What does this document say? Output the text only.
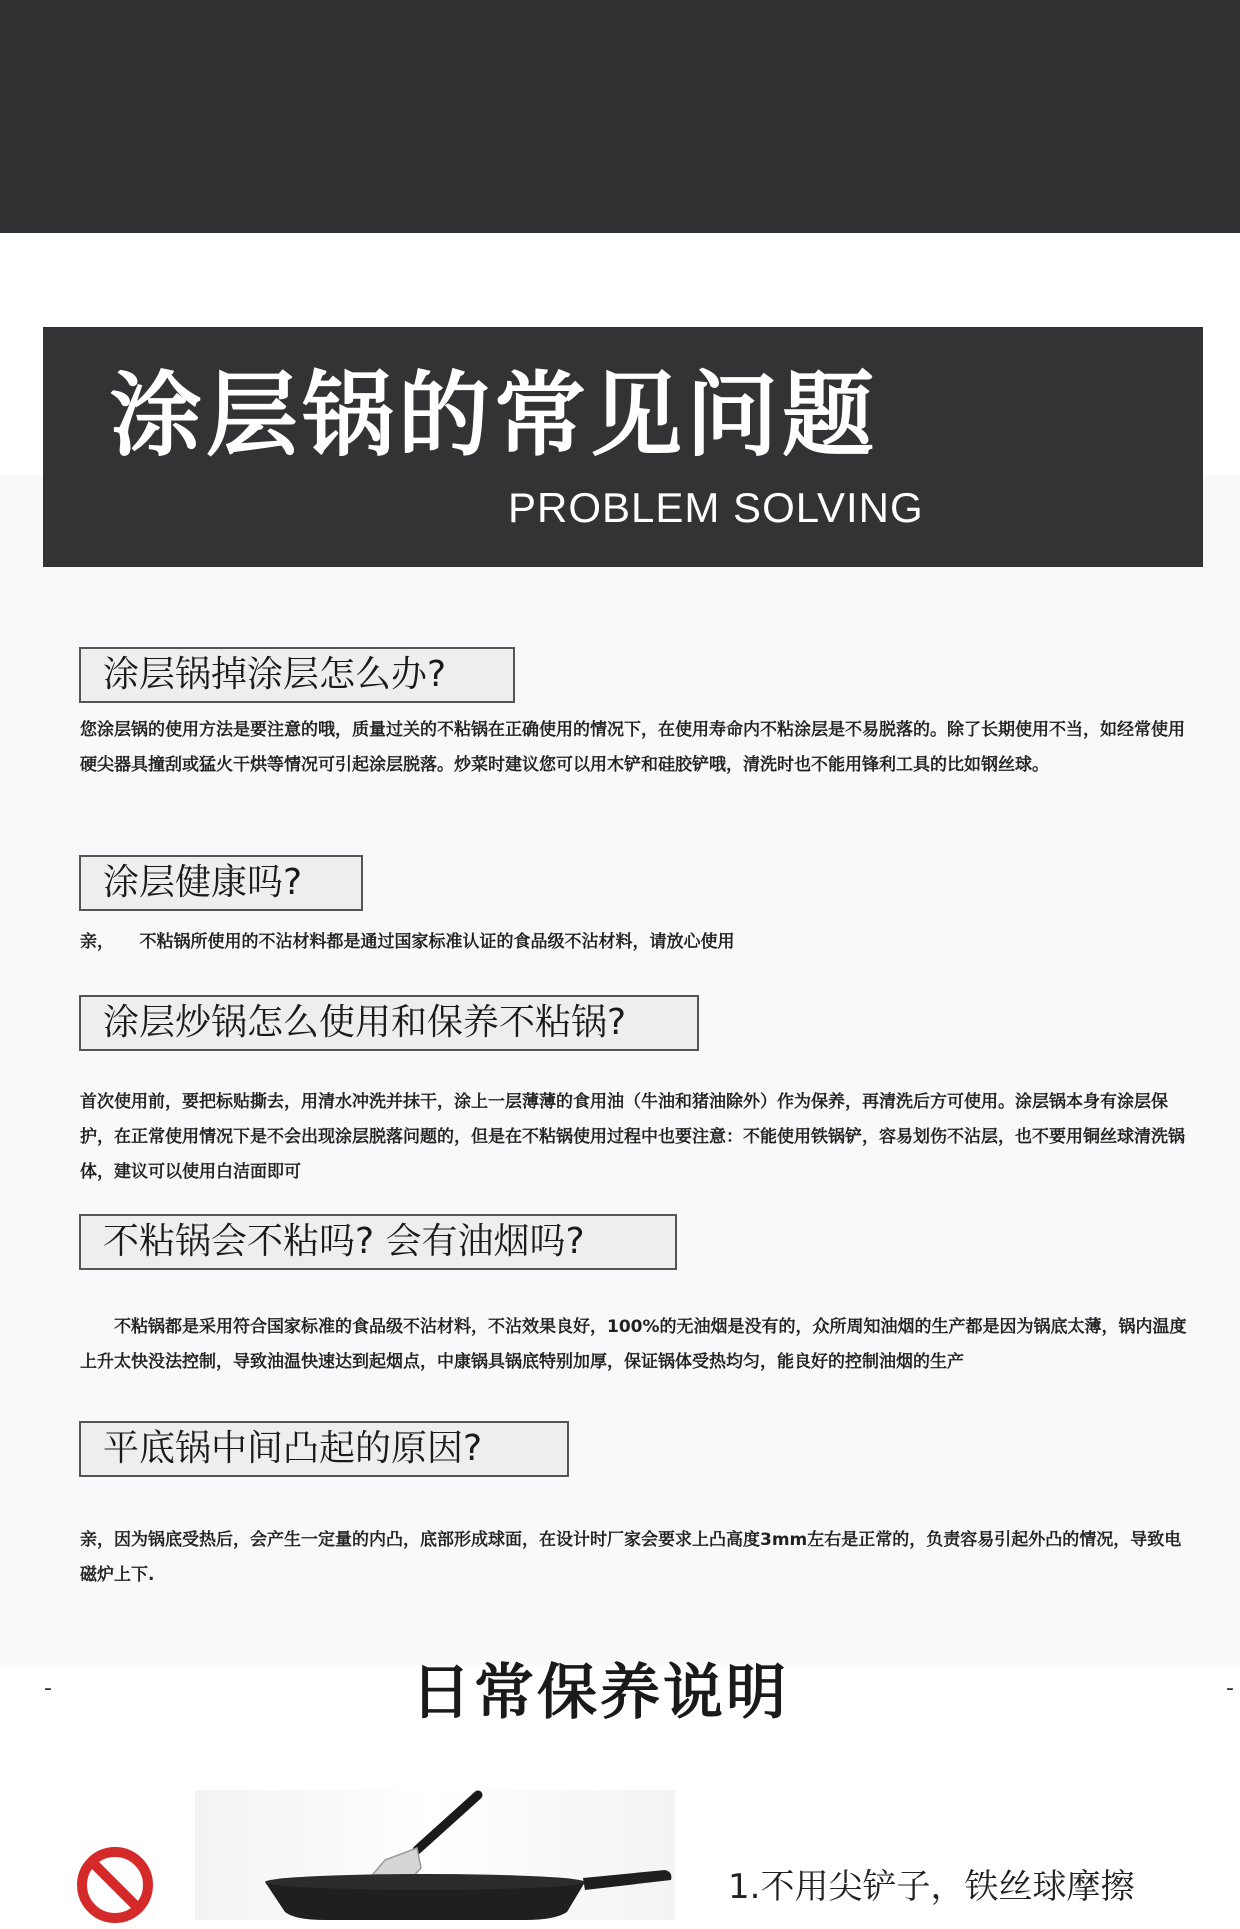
涂层锅的常见问题
PROBLEM SOLVING
涂层锅掉涂层怎么办?

您涂层锅的使用方法是要注意的哦，质量过关的不粘锅在正确使用的情况下，在使用寿命内不粘涂层是不易脱落的。除了长期使用不当，如经常使用硬尖器具撞刮或猛火干烘等情况可引起涂层脱落。炒菜时建议您可以用木铲和硅胶铲哦，清洗时也不能用锋利工具的比如钢丝球。

涂层健康吗?

亲，　　不粘锅所使用的不沾材料都是通过国家标准认证的食品级不沾材料，请放心使用

涂层炒锅怎么使用和保养不粘锅?

首次使用前，要把标贴撕去，用清水冲洗并抹干，涂上一层薄薄的食用油（牛油和猪油除外）作为保养，再清洗后方可使用。涂层锅本身有涂层保护，在正常使用情况下是不会出现涂层脱落问题的，但是在不粘锅使用过程中也要注意：不能使用铁锅铲，容易划伤不沾层，也不要用铜丝球清洗锅体，建议可以使用白洁面即可

不粘锅会不粘吗? 会有油烟吗?

　　不粘锅都是采用符合国家标准的食品级不沾材料，不沾效果良好，100%的无油烟是没有的，众所周知油烟的生产都是因为锅底太薄，锅内温度上升太快没法控制，导致油温快速达到起烟点，中康锅具锅底特别加厚，保证锅体受热均匀，能良好的控制油烟的生产

平底锅中间凸起的原因?

亲，因为锅底受热后，会产生一定量的内凸，底部形成球面，在设计时厂家会要求上凸高度3mm左右是正常的，负责容易引起外凸的情况，导致电磁炉上下.

-	-
日常保养说明
1.不用尖铲子，铁丝球摩擦
